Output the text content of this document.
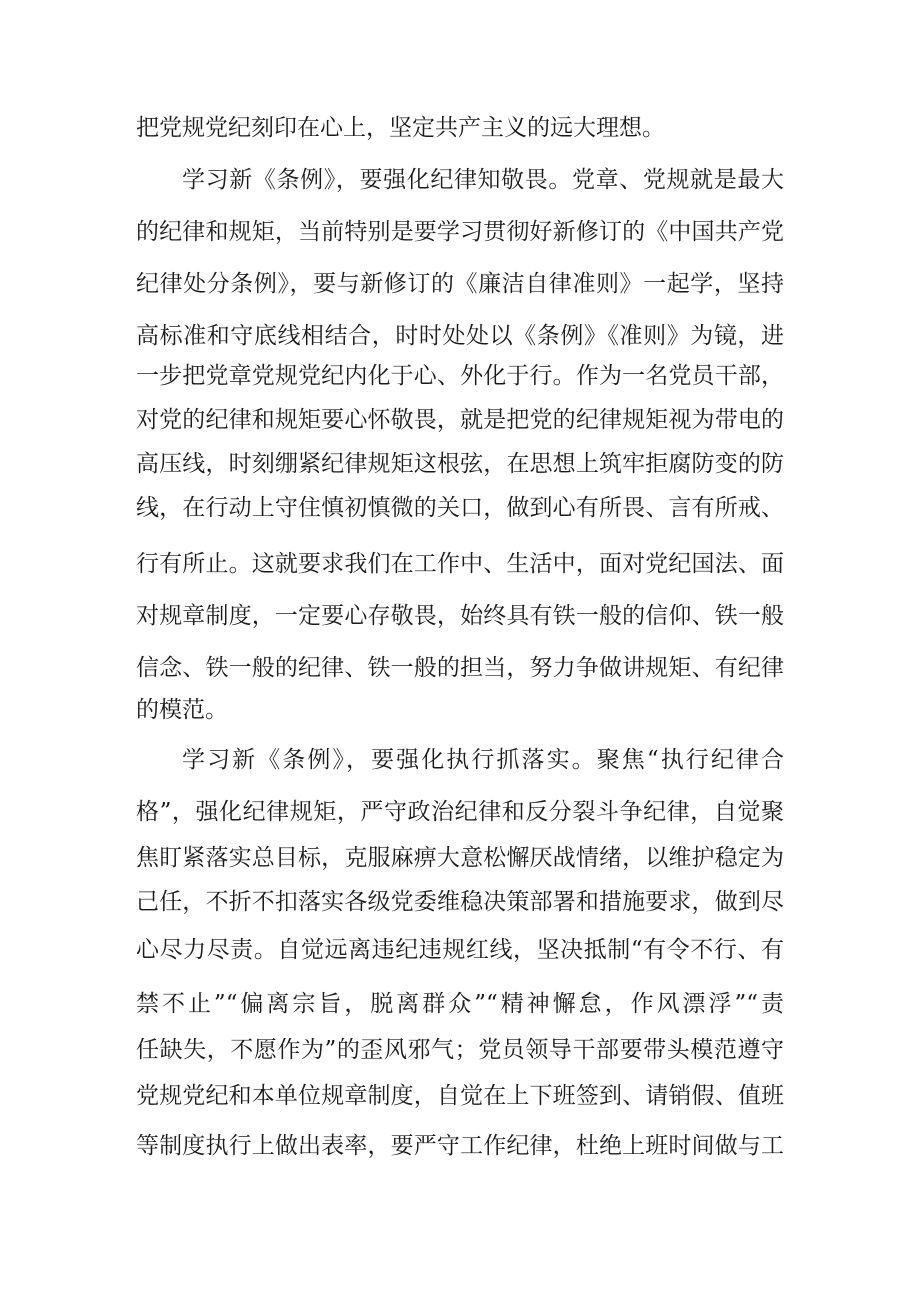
把党规党纪刻印在心上，坚定共产主义的远大理想。
学习新《条例》，要强化纪律知敬畏。党章、党规就是最大
的纪律和规矩，当前特别是要学习贯彻好新修订的《中国共产党
纪律处分条例》，要与新修订的《廉洁自律准则》一起学，坚持
高标准和守底线相结合，时时处处以《条例》《准则》为镜，进
一步把党章党规党纪内化于心、外化于行。作为一名党员干部，
对党的纪律和规矩要心怀敬畏，就是把党的纪律规矩视为带电的
高压线，时刻绷紧纪律规矩这根弦，在思想上筑牢拒腐防变的防
线，在行动上守住慎初慎微的关口，做到心有所畏、言有所戒、
行有所止。这就要求我们在工作中、生活中，面对党纪国法、面
对规章制度，一定要心存敬畏，始终具有铁一般的信仰、铁一般
信念、铁一般的纪律、铁一般的担当，努力争做讲规矩、有纪律
的模范。
学习新《条例》，要强化执行抓落实。聚焦“执行纪律合
格”，强化纪律规矩，严守政治纪律和反分裂斗争纪律，自觉聚
焦盯紧落实总目标，克服麻痹大意松懈厌战情绪，以维护稳定为
己任，不折不扣落实各级党委维稳决策部署和措施要求，做到尽
心尽力尽责。自觉远离违纪违规红线，坚决抵制“有令不行、有
禁不止”“偏离宗旨，脱离群众”“精神懈怠，作风漂浮”“责
任缺失，不愿作为”的歪风邪气；党员领导干部要带头模范遵守
党规党纪和本单位规章制度，自觉在上下班签到、请销假、值班
等制度执行上做出表率，要严守工作纪律，杜绝上班时间做与工
